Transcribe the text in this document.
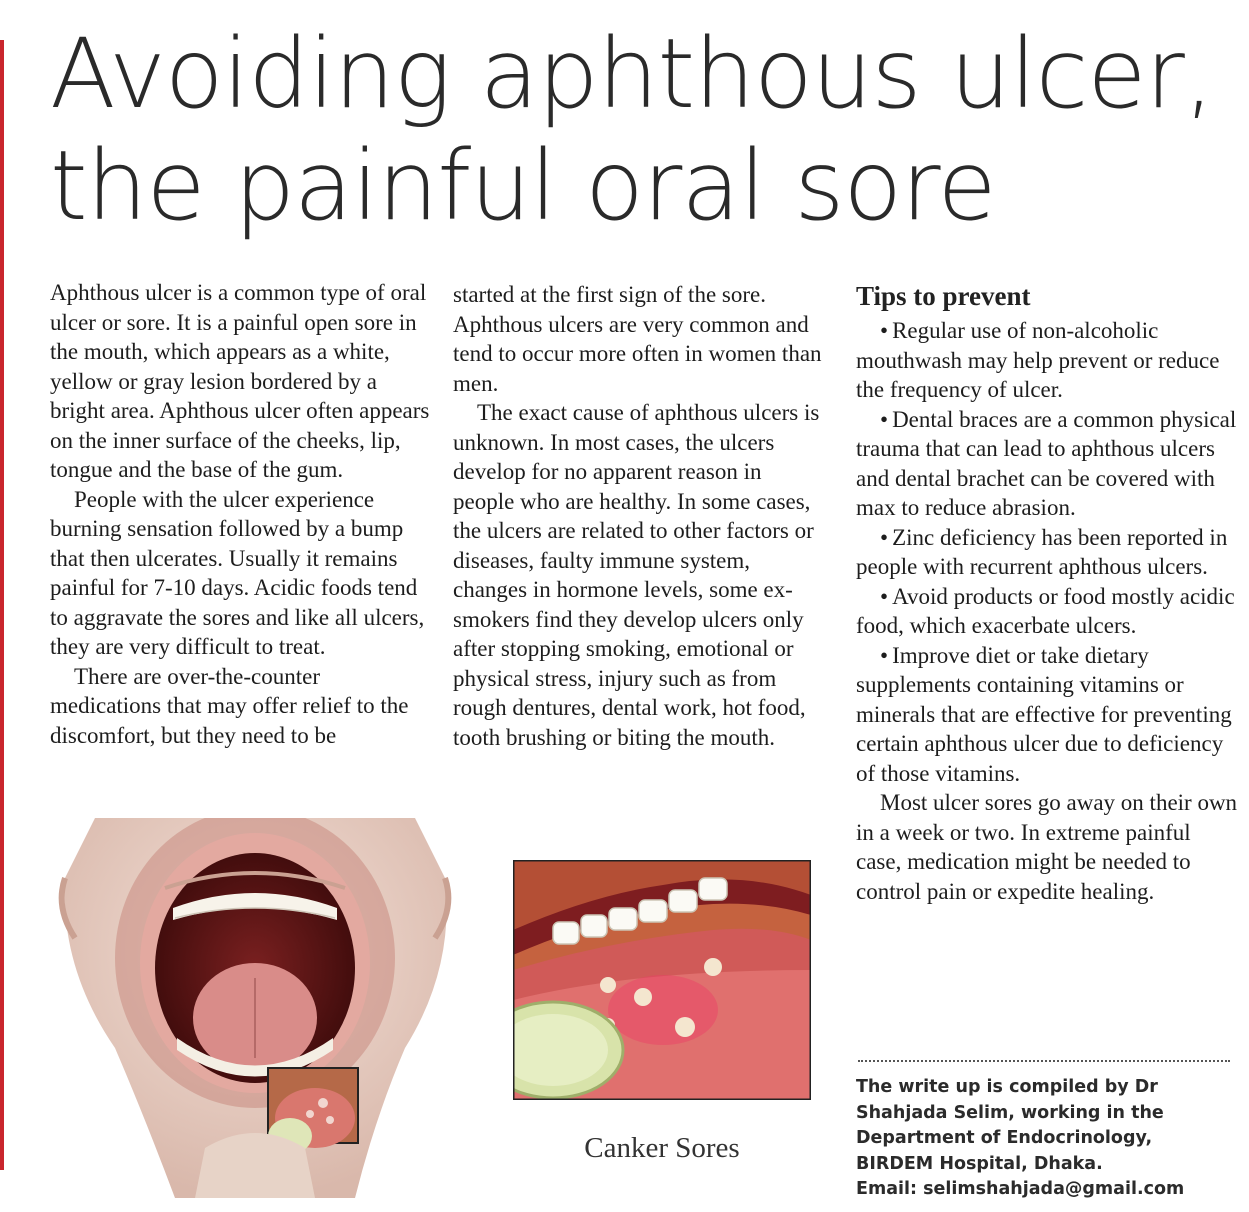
Avoiding aphthous ulcer,
the painful oral sore

Aphthous ulcer is a common type of oral ulcer or sore. It is a painful open sore in the mouth, which appears as a white, yellow or gray lesion bordered by a bright area. Aphthous ulcer often appears on the inner surface of the cheeks, lip, tongue and the base of the gum.

People with the ulcer experience burning sensation followed by a bump that then ulcerates. Usually it remains painful for 7-10 days. Acidic foods tend to aggravate the sores and like all ulcers, they are very difficult to treat.

There are over-the-counter medications that may offer relief to the discomfort, but they need to be

started at the first sign of the sore. Aphthous ulcers are very common and tend to occur more often in women than men.

The exact cause of aphthous ulcers is unknown. In most cases, the ulcers develop for no apparent reason in people who are healthy. In some cases, the ulcers are related to other factors or diseases, faulty immune system, changes in hormone levels, some ex-smokers find they develop ulcers only after stopping smoking, emotional or physical stress, injury such as from rough dentures, dental work, hot food, tooth brushing or biting the mouth.

Tips to prevent

• Regular use of non-alcoholic mouthwash may help prevent or reduce the frequency of ulcer.

• Dental braces are a common physical trauma that can lead to aphthous ulcers and dental brachet can be covered with max to reduce abrasion.

• Zinc deficiency has been reported in people with recurrent aphthous ulcers.

• Avoid products or food mostly acidic food, which exacerbate ulcers.

• Improve diet or take dietary supplements containing vitamins or minerals that are effective for preventing certain aphthous ulcer due to deficiency of those vitamins.

Most ulcer sores go away on their own in a week or two. In extreme painful case, medication might be needed to control pain or expedite healing.

The write up is compiled by Dr

Shahjada Selim, working in the

Department of Endocrinology,

BIRDEM Hospital, Dhaka.

Email: selimshahjada@gmail.com

Canker Sores
